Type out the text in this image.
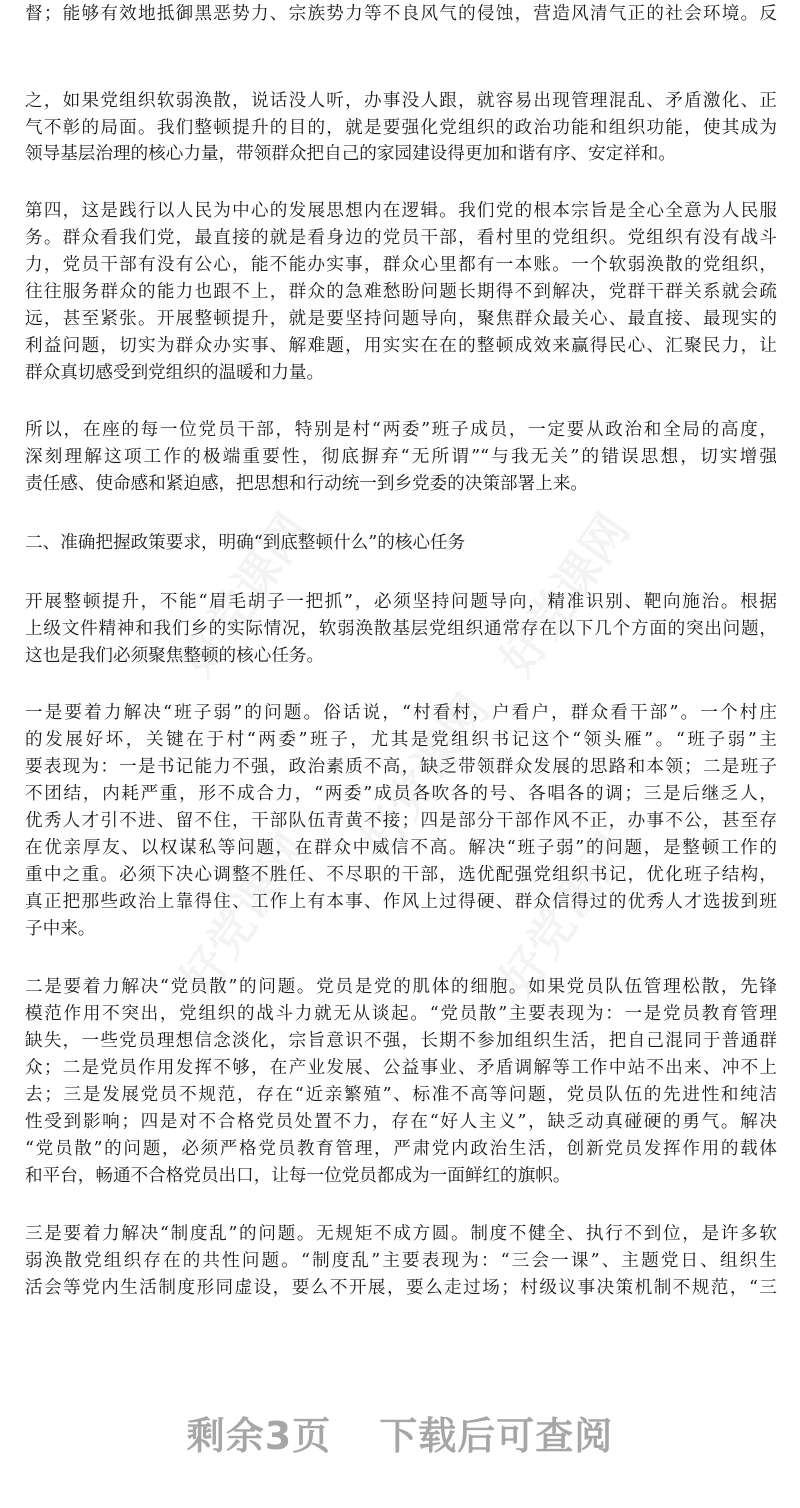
督；能够有效地抵御黑恶势力、宗族势力等不良风气的侵蚀，营造风清气正的社会环境。反
之，如果党组织软弱涣散，说话没人听，办事没人跟，就容易出现管理混乱、矛盾激化、正
气不彰的局面。我们整顿提升的目的，就是要强化党组织的政治功能和组织功能，使其成为
领导基层治理的核心力量，带领群众把自己的家园建设得更加和谐有序、安定祥和。
第四，这是践行以人民为中心的发展思想内在逻辑。我们党的根本宗旨是全心全意为人民服
务。群众看我们党，最直接的就是看身边的党员干部，看村里的党组织。党组织有没有战斗
力，党员干部有没有公心，能不能办实事，群众心里都有一本账。一个软弱涣散的党组织，
往往服务群众的能力也跟不上，群众的急难愁盼问题长期得不到解决，党群干群关系就会疏
远，甚至紧张。开展整顿提升，就是要坚持问题导向，聚焦群众最关心、最直接、最现实的
利益问题，切实为群众办实事、解难题，用实实在在的整顿成效来赢得民心、汇聚民力，让
群众真切感受到党组织的温暖和力量。
所以，在座的每一位党员干部，特别是村“两委”班子成员，一定要从政治和全局的高度，
深刻理解这项工作的极端重要性，彻底摒弃“无所谓”“与我无关”的错误思想，切实增强
责任感、使命感和紧迫感，把思想和行动统一到乡党委的决策部署上来。
二、准确把握政策要求，明确“到底整顿什么”的核心任务
开展整顿提升，不能“眉毛胡子一把抓”，必须坚持问题导向，精准识别、靶向施治。根据
上级文件精神和我们乡的实际情况，软弱涣散基层党组织通常存在以下几个方面的突出问题，
这也是我们必须聚焦整顿的核心任务。
一是要着力解决“班子弱”的问题。俗话说，“村看村，户看户，群众看干部”。一个村庄
的发展好坏，关键在于村“两委”班子，尤其是党组织书记这个“领头雁”。“班子弱”主
要表现为：一是书记能力不强，政治素质不高，缺乏带领群众发展的思路和本领；二是班子
不团结，内耗严重，形不成合力，“两委”成员各吹各的号、各唱各的调；三是后继乏人，
优秀人才引不进、留不住，干部队伍青黄不接；四是部分干部作风不正，办事不公，甚至存
在优亲厚友、以权谋私等问题，在群众中威信不高。解决“班子弱”的问题，是整顿工作的
重中之重。必须下决心调整不胜任、不尽职的干部，选优配强党组织书记，优化班子结构，
真正把那些政治上靠得住、工作上有本事、作风上过得硬、群众信得过的优秀人才选拔到班
子中来。
二是要着力解决“党员散”的问题。党员是党的肌体的细胞。如果党员队伍管理松散，先锋
模范作用不突出，党组织的战斗力就无从谈起。“党员散”主要表现为：一是党员教育管理
缺失，一些党员理想信念淡化，宗旨意识不强，长期不参加组织生活，把自己混同于普通群
众；二是党员作用发挥不够，在产业发展、公益事业、矛盾调解等工作中站不出来、冲不上
去；三是发展党员不规范，存在“近亲繁殖”、标准不高等问题，党员队伍的先进性和纯洁
性受到影响；四是对不合格党员处置不力，存在“好人主义”，缺乏动真碰硬的勇气。解决
“党员散”的问题，必须严格党员教育管理，严肃党内政治生活，创新党员发挥作用的载体
和平台，畅通不合格党员出口，让每一位党员都成为一面鲜红的旗帜。
三是要着力解决“制度乱”的问题。无规矩不成方圆。制度不健全、执行不到位，是许多软
弱涣散党组织存在的共性问题。“制度乱”主要表现为：“三会一课”、主题党日、组织生
活会等党内生活制度形同虚设，要么不开展，要么走过场；村级议事决策机制不规范，“三
剩余3页 下载后可查阅
